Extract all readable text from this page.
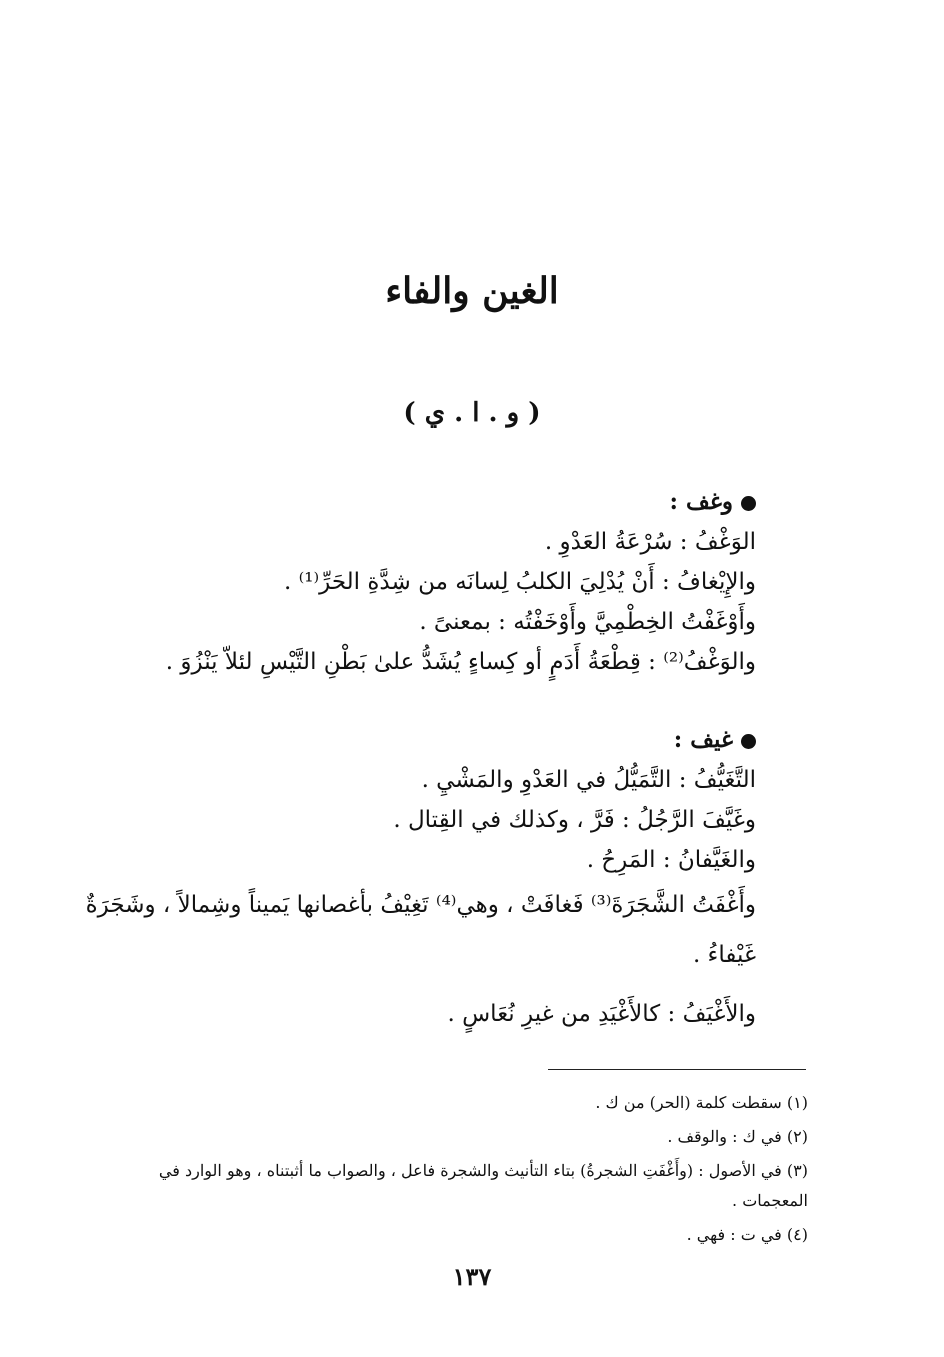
الغين والفاء
( و . ا . ي )
وغف :
الوَغْفُ : سُرْعَةُ العَدْوِ .
والإِيْغافُ : أَنْ يُدْلِيَ الكلبُ لِسانَه من شِدَّةِ الحَرِّ⁽¹⁾ .
وأَوْغَفْتُ الخِطْمِيَّ وأَوْخَفْتُه : بمعنىً .
والوَغْفُ⁽²⁾ : قِطْعَةُ أَدَمٍ أو كِساءٍ يُشَدُّ علىٰ بَطْنِ التَّيْسِ لئلاّ يَنْزُوَ .
غيف :
التَّغَيُّفُ : التَّمَيُّلُ في العَدْوِ والمَشْيِ .
وغَيَّفَ الرَّجُلُ : فَرَّ ، وكذلك في القِتال .
والغَيَّفانُ : المَرِحُ .
وأَغْفَتُ الشَّجَرَةَ⁽³⁾ فَغافَتْ ، وهي⁽⁴⁾ تَغِيْفُ بأغصانها يَميناً وشِمالاً ، وشَجَرَةٌ غَيْفاءُ .
والأَغْيَفُ : كالأَغْيَدِ من غيرِ نُعَاسٍ .
(١) سقطت كلمة (الحر) من ك .
(٢) في ك : والوقف .
(٣) في الأصول : (وأَغْفَتِ الشجرةُ) بتاء التأنيث والشجرة فاعل ، والصواب ما أثبتناه ، وهو الوارد في المعجمات .
(٤) في ت : فهي .
١٣٧
